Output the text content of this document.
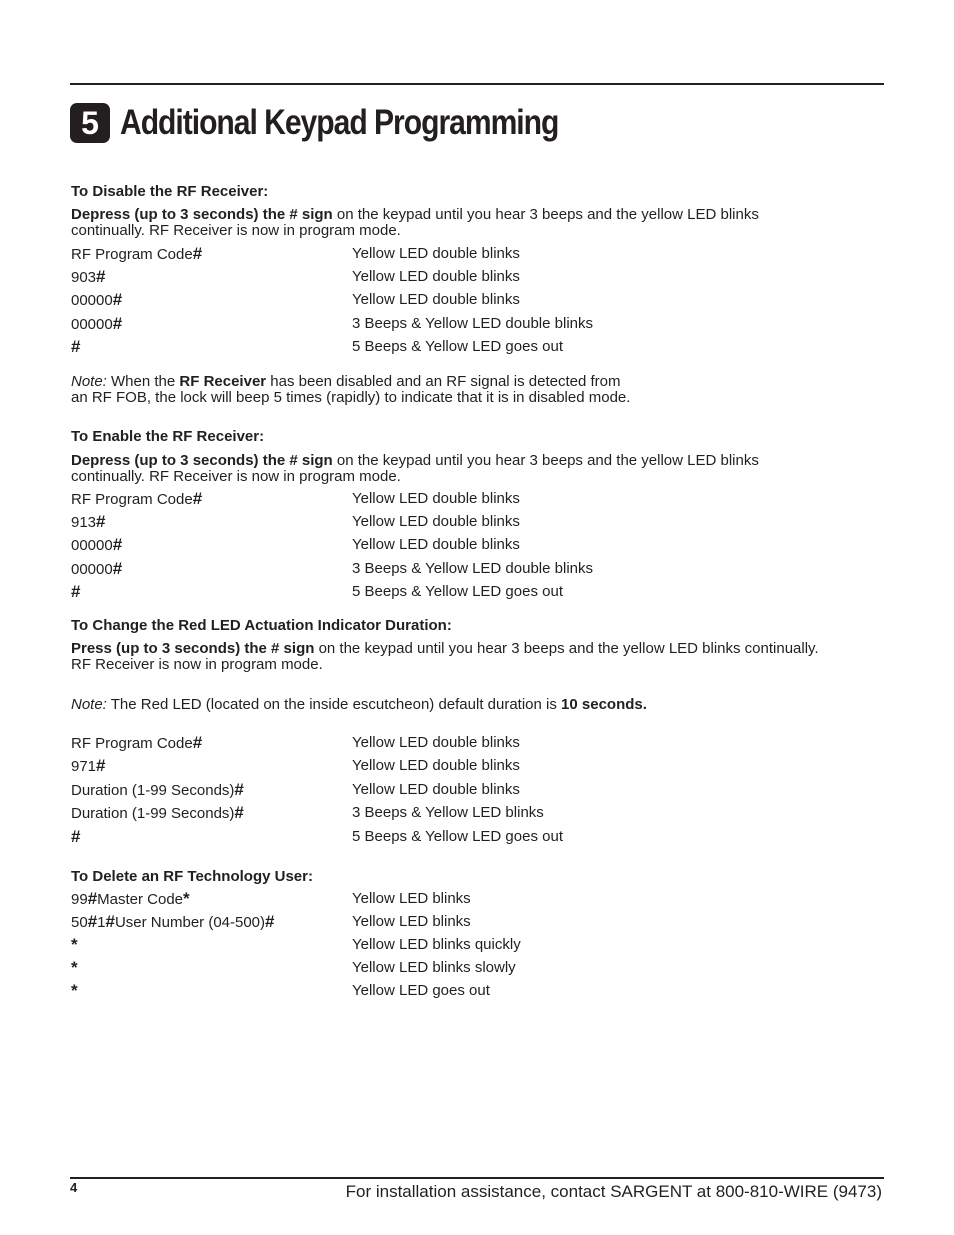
5 Additional Keypad Programming
To Disable the RF Receiver:
Depress (up to 3 seconds) the # sign on the keypad until you hear 3 beeps and the yellow LED blinks
continually. RF Receiver is now in program mode.
RF Program Code#	Yellow LED double blinks
903#	Yellow LED double blinks
00000#	Yellow LED double blinks
00000#	3 Beeps & Yellow LED double blinks
#	5 Beeps & Yellow LED goes out
Note: When the RF Receiver has been disabled and an RF signal is detected from
an RF FOB, the lock will beep 5 times (rapidly) to indicate that it is in disabled mode.
To Enable the RF Receiver:
Depress (up to 3 seconds) the # sign on the keypad until you hear 3 beeps and the yellow LED blinks
continually. RF Receiver is now in program mode.
RF Program Code#	Yellow LED double blinks
913#	Yellow LED double blinks
00000#	Yellow LED double blinks
00000#	3 Beeps & Yellow LED double blinks
#	5 Beeps & Yellow LED goes out
To Change the Red LED Actuation Indicator Duration:
Press (up to 3 seconds) the # sign on the keypad until you hear 3 beeps and the yellow LED blinks continually.
RF Receiver is now in program mode.
Note: The Red LED (located on the inside escutcheon) default duration is 10 seconds.
RF Program Code#	Yellow LED double blinks
971#	Yellow LED double blinks
Duration (1-99 Seconds)#	Yellow LED double blinks
Duration (1-99 Seconds)#	3 Beeps & Yellow LED blinks
#	5 Beeps & Yellow LED goes out
To Delete an RF Technology User:
99#Master Code*	Yellow LED blinks
50#1#User Number (04-500)#	Yellow LED blinks
*	Yellow LED blinks quickly
*	Yellow LED blinks slowly
*	Yellow LED goes out
4	For installation assistance, contact SARGENT at 800-810-WIRE (9473)
